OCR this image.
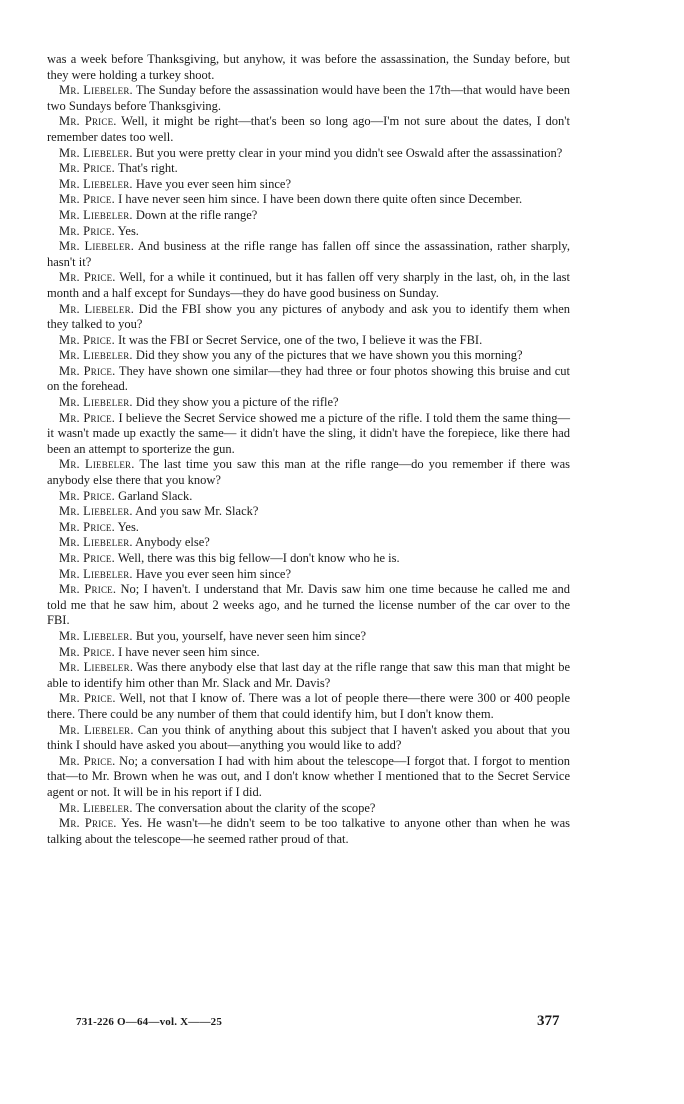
was a week before Thanksgiving, but anyhow, it was before the assassination, the Sunday before, but they were holding a turkey shoot.

Mr. Liebeler. The Sunday before the assassination would have been the 17th—that would have been two Sundays before Thanksgiving.

Mr. Price. Well, it might be right—that's been so long ago—I'm not sure about the dates, I don't remember dates too well.

Mr. Liebeler. But you were pretty clear in your mind you didn't see Oswald after the assassination?

Mr. Price. That's right.

Mr. Liebeler. Have you ever seen him since?

Mr. Price. I have never seen him since. I have been down there quite often since December.

Mr. Liebeler. Down at the rifle range?

Mr. Price. Yes.

Mr. Liebeler. And business at the rifle range has fallen off since the assassination, rather sharply, hasn't it?

Mr. Price. Well, for a while it continued, but it has fallen off very sharply in the last, oh, in the last month and a half except for Sundays—they do have good business on Sunday.

Mr. Liebeler. Did the FBI show you any pictures of anybody and ask you to identify them when they talked to you?

Mr. Price. It was the FBI or Secret Service, one of the two, I believe it was the FBI.

Mr. Liebeler. Did they show you any of the pictures that we have shown you this morning?

Mr. Price. They have shown one similar—they had three or four photos showing this bruise and cut on the forehead.

Mr. Liebeler. Did they show you a picture of the rifle?

Mr. Price. I believe the Secret Service showed me a picture of the rifle. I told them the same thing—it wasn't made up exactly the same— it didn't have the sling, it didn't have the forepiece, like there had been an attempt to sporterize the gun.

Mr. Liebeler. The last time you saw this man at the rifle range—do you remember if there was anybody else there that you know?

Mr. Price. Garland Slack.

Mr. Liebeler. And you saw Mr. Slack?

Mr. Price. Yes.

Mr. Liebeler. Anybody else?

Mr. Price. Well, there was this big fellow—I don't know who he is.

Mr. Liebeler. Have you ever seen him since?

Mr. Price. No; I haven't. I understand that Mr. Davis saw him one time because he called me and told me that he saw him, about 2 weeks ago, and he turned the license number of the car over to the FBI.

Mr. Liebeler. But you, yourself, have never seen him since?

Mr. Price. I have never seen him since.

Mr. Liebeler. Was there anybody else that last day at the rifle range that saw this man that might be able to identify him other than Mr. Slack and Mr. Davis?

Mr. Price. Well, not that I know of. There was a lot of people there—there were 300 or 400 people there. There could be any number of them that could identify him, but I don't know them.

Mr. Liebeler. Can you think of anything about this subject that I haven't asked you about that you think I should have asked you about—anything you would like to add?

Mr. Price. No; a conversation I had with him about the telescope—I forgot that. I forgot to mention that—to Mr. Brown when he was out, and I don't know whether I mentioned that to the Secret Service agent or not. It will be in his report if I did.

Mr. Liebeler. The conversation about the clarity of the scope?

Mr. Price. Yes. He wasn't—he didn't seem to be too talkative to anyone other than when he was talking about the telescope—he seemed rather proud of that.

731-226 O—64—vol. X——25	377
